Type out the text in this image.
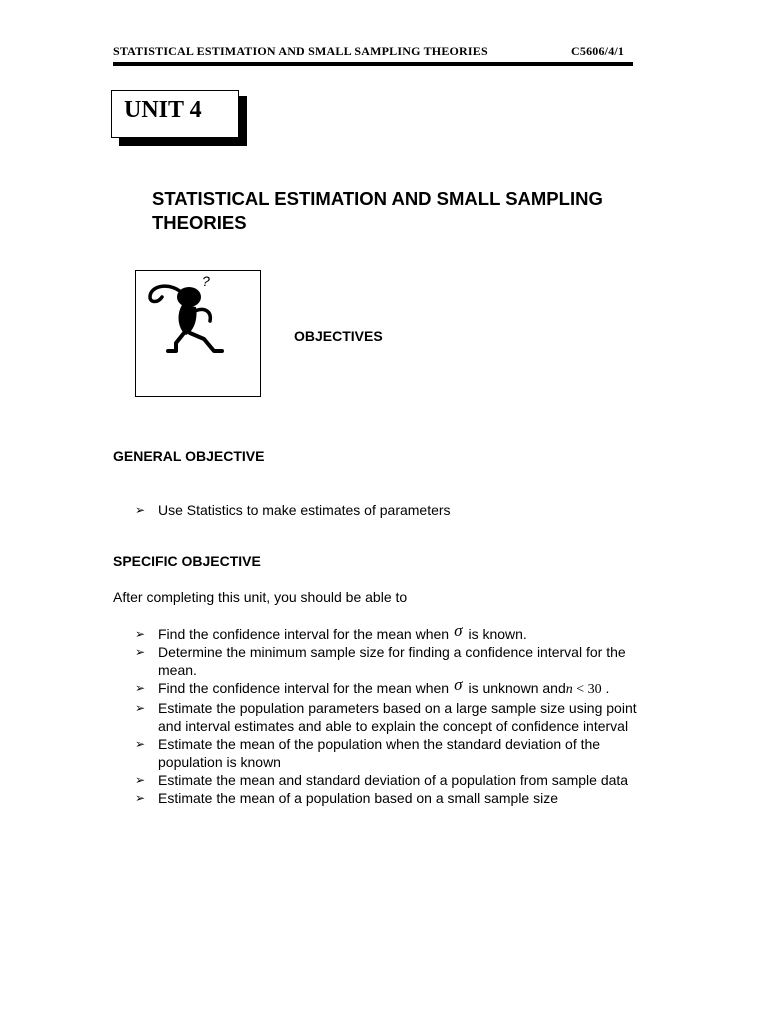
STATISTICAL ESTIMATION AND SMALL SAMPLING THEORIES	C5606/4/1
UNIT 4
STATISTICAL ESTIMATION AND SMALL SAMPLING
THEORIES
?
OBJECTIVES
GENERAL OBJECTIVE
➢ Use Statistics to make estimates of parameters
SPECIFIC OBJECTIVE
After completing this unit, you should be able to
➢ Find the confidence interval for the mean when σ is known.
➢ Determine the minimum sample size for finding a confidence interval for the mean.
➢ Find the confidence interval for the mean when σ is unknown andn < 30 .
➢ Estimate the population parameters based on a large sample size using point and interval estimates and able to explain the concept of confidence interval
➢ Estimate the mean of the population when the standard deviation of the population is known
➢ Estimate the mean and standard deviation of a population from sample data
➢ Estimate the mean of a population based on a small sample size
